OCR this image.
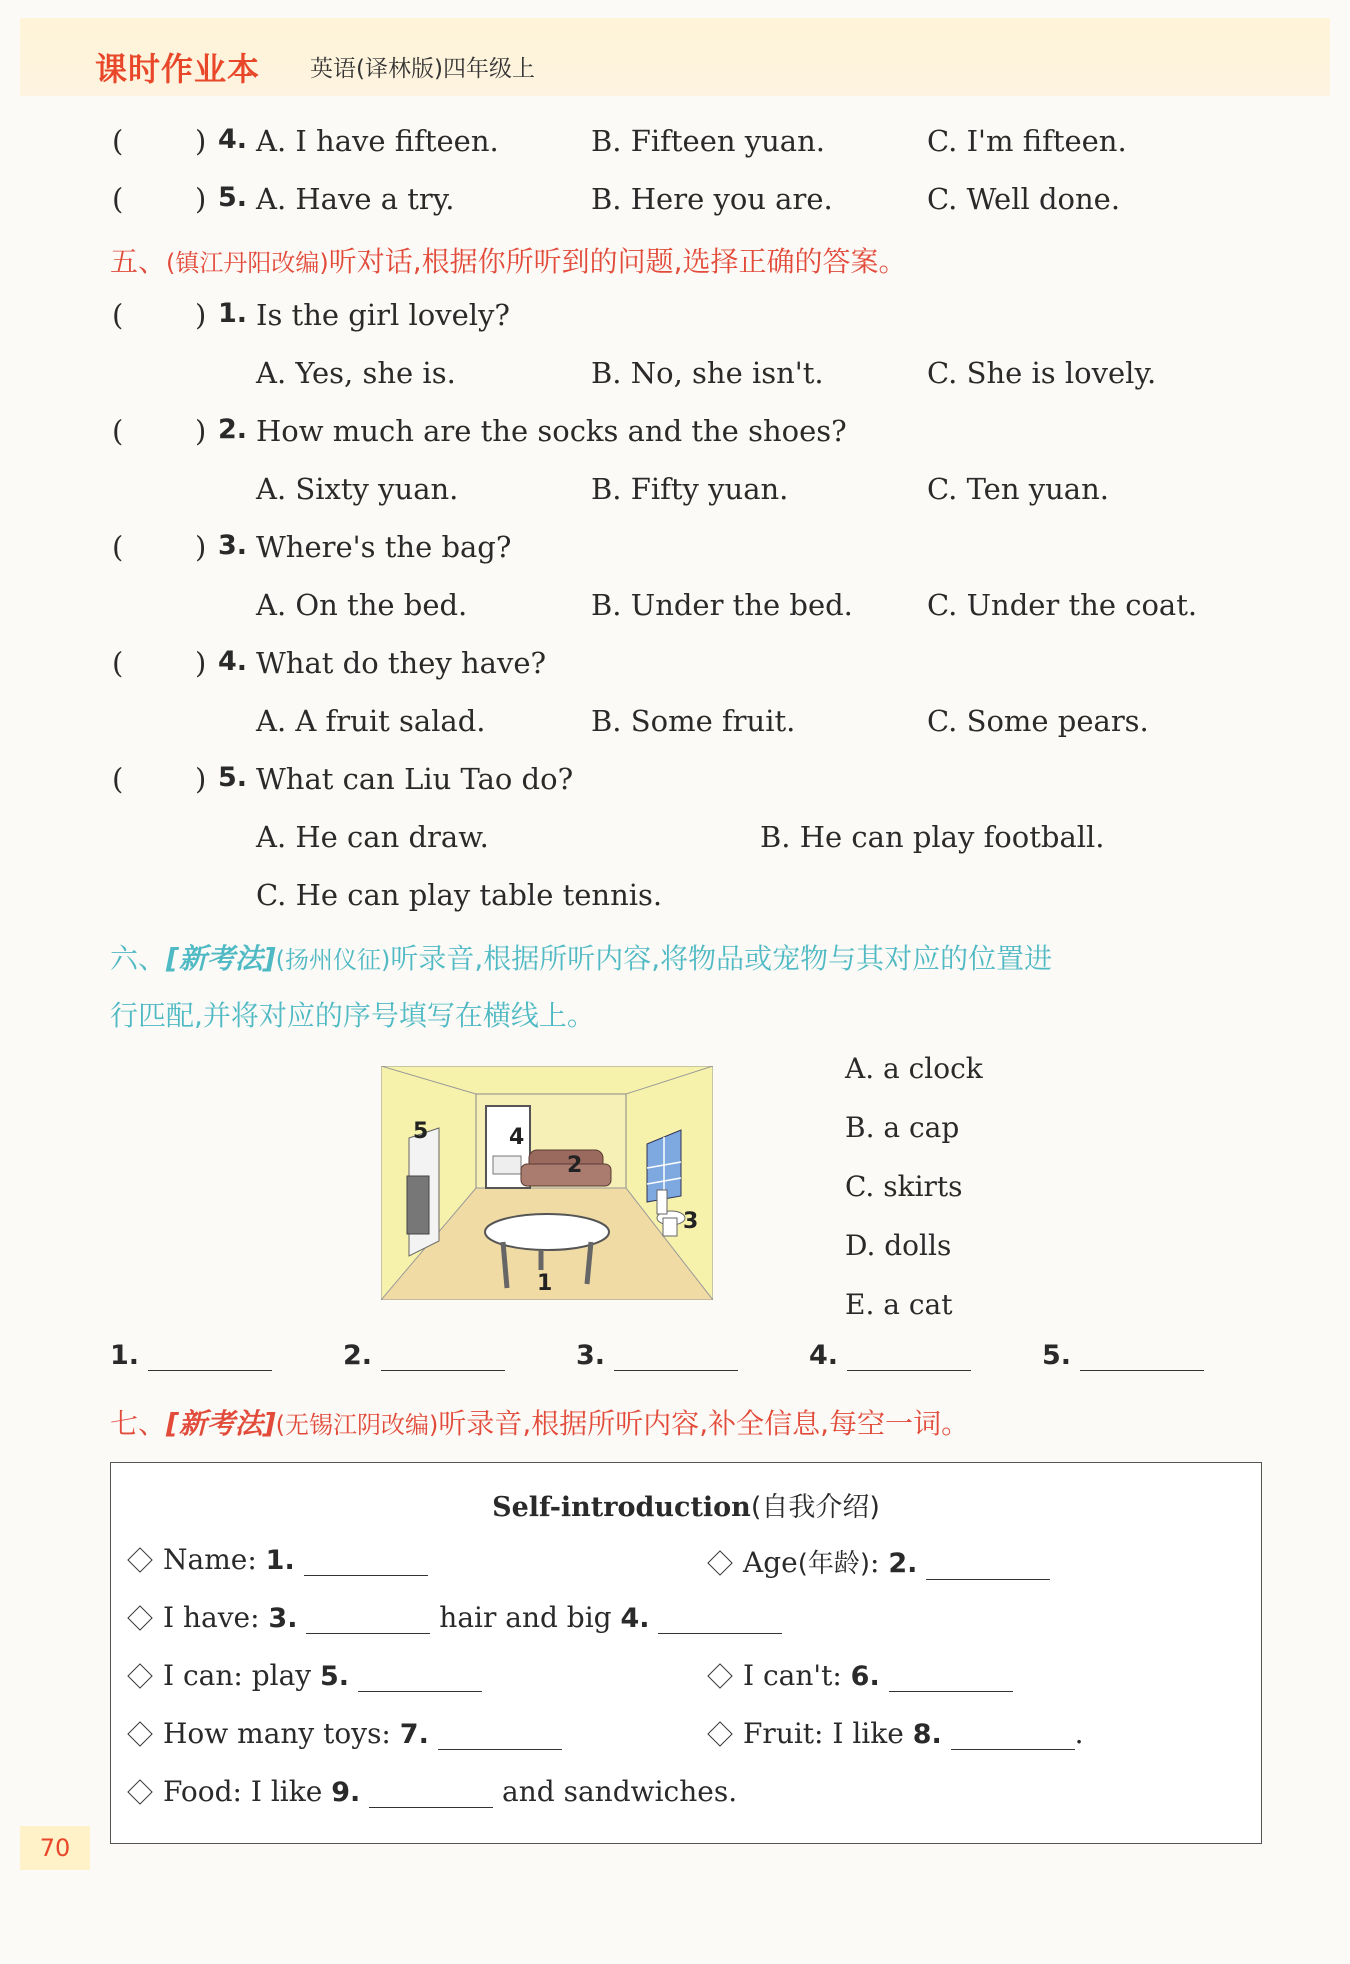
课时作业本 英语(译林版)四年级上
( ) 4. A. I have fifteen.	B. Fifteen yuan.	C. I'm fifteen.
( ) 5. A. Have a try.	B. Here you are.	C. Well done.
五、(镇江丹阳改编)听对话,根据你所听到的问题,选择正确的答案。
( ) 1. Is the girl lovely?
A. Yes, she is.	B. No, she isn't.	C. She is lovely.
( ) 2. How much are the socks and the shoes?
A. Sixty yuan.	B. Fifty yuan.	C. Ten yuan.
( ) 3. Where's the bag?
A. On the bed.	B. Under the bed.	C. Under the coat.
( ) 4. What do they have?
A. A fruit salad.	B. Some fruit.	C. Some pears.
( ) 5. What can Liu Tao do?
A. He can draw.	B. He can play football.
C. He can play table tennis.
六、[新考法](扬州仪征)听录音,根据所听内容,将物品或宠物与其对应的位置进
行匹配,并将对应的序号填写在横线上。
5	4
2
3
1
A. a clock
B. a cap
C. skirts
D. dolls
E. a cat
1.	2.	3.	4.	5.
七、[新考法](无锡江阴改编)听录音,根据所听内容,补全信息,每空一词。
Self-introduction(自我介绍)
Name: 1.	Age(年龄): 2.
I have: 3.	hair and big 4.
I can: play 5.	I can't: 6.
How many toys: 7.	Fruit: I like 8.	.
Food: I like 9.	and sandwiches.
70
